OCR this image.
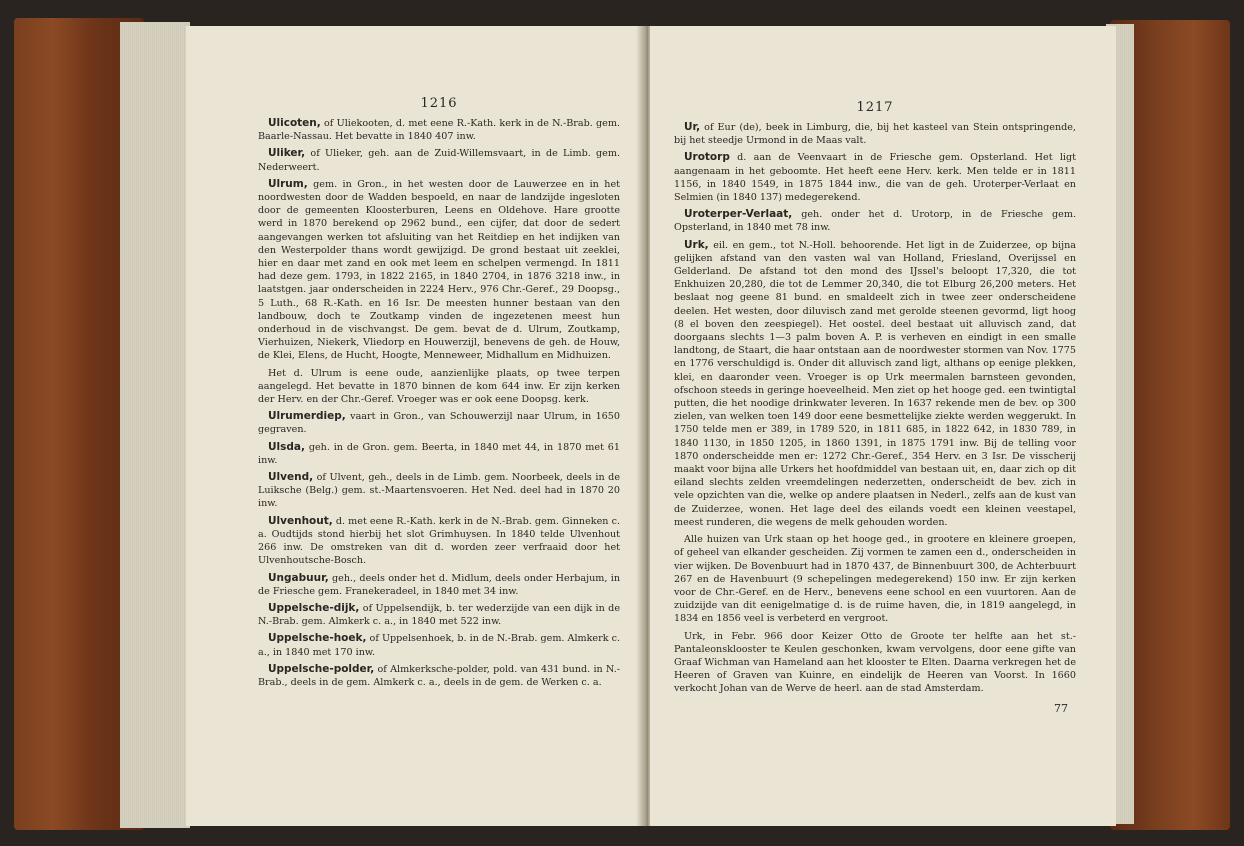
1216

Ulicoten, of Uliekooten, d. met eene R.-Kath. kerk in de N.-Brab. gem. Baarle-Nassau. Het bevatte in 1840 407 inw.

Uliker, of Ulieker, geh. aan de Zuid-Willemsvaart, in de Limb. gem. Nederweert.

Ulrum, gem. in Gron., in het westen door de Lauwerzee en in het noordwesten door de Wadden bespoeld, en naar de landzijde ingesloten door de gemeenten Kloosterburen, Leens en Oldehove. Hare grootte werd in 1870 berekend op 2962 bund., een cijfer, dat door de sedert aangevangen werken tot afsluiting van het Reitdiep en het indijken van den Westerpolder thans wordt gewijzigd. De grond bestaat uit zeeklei, hier en daar met zand en ook met leem en schelpen vermengd. In 1811 had deze gem. 1793, in 1822 2165, in 1840 2704, in 1876 3218 inw., in laatstgen. jaar onderscheiden in 2224 Herv., 976 Chr.-Geref., 29 Doopsg., 5 Luth., 68 R.-Kath. en 16 Isr. De meesten hunner bestaan van den landbouw, doch te Zoutkamp vinden de ingezetenen meest hun onderhoud in de vischvangst. De gem. bevat de d. Ulrum, Zoutkamp, Vierhuizen, Niekerk, Vliedorp en Houwerzijl, benevens de geh. de Houw, de Klei, Elens, de Hucht, Hoogte, Menneweer, Midhallum en Midhuizen.

Het d. Ulrum is eene oude, aanzienlijke plaats, op twee terpen aangelegd. Het bevatte in 1870 binnen de kom 644 inw. Er zijn kerken der Herv. en der Chr.-Geref. Vroeger was er ook eene Doopsg. kerk.

Ulrumerdiep, vaart in Gron., van Schouwerzijl naar Ulrum, in 1650 gegraven.

Ulsda, geh. in de Gron. gem. Beerta, in 1840 met 44, in 1870 met 61 inw.

Ulvend, of Ulvent, geh., deels in de Limb. gem. Noorbeek, deels in de Luiksche (Belg.) gem. st.-Maartensvoeren. Het Ned. deel had in 1870 20 inw.

Ulvenhout, d. met eene R.-Kath. kerk in de N.-Brab. gem. Ginneken c. a. Oudtijds stond hierbij het slot Grimhuysen. In 1840 telde Ulvenhout 266 inw. De omstreken van dit d. worden zeer verfraaid door het Ulvenhoutsche-Bosch.

Ungabuur, geh., deels onder het d. Midlum, deels onder Herbajum, in de Friesche gem. Franekeradeel, in 1840 met 34 inw.

Uppelsche-dijk, of Uppelsendijk, b. ter wederzijde van een dijk in de N.-Brab. gem. Almkerk c. a., in 1840 met 522 inw.

Uppelsche-hoek, of Uppelsenhoek, b. in de N.-Brab. gem. Almkerk c. a., in 1840 met 170 inw.

Uppelsche-polder, of Almkerksche-polder, pold. van 431 bund. in N.-Brab., deels in de gem. Almkerk c. a., deels in de gem. de Werken c. a.

1217

Ur, of Eur (de), beek in Limburg, die, bij het kasteel van Stein ontspringende, bij het steedje Urmond in de Maas valt.

Urotorp d. aan de Veenvaart in de Friesche gem. Opsterland. Het ligt aangenaam in het geboomte. Het heeft eene Herv. kerk. Men telde er in 1811 1156, in 1840 1549, in 1875 1844 inw., die van de geh. Uroterper-Verlaat en Selmien (in 1840 137) medegerekend.

Uroterper-Verlaat, geh. onder het d. Urotorp, in de Friesche gem. Opsterland, in 1840 met 78 inw.

Urk, eil. en gem., tot N.-Holl. behoorende. Het ligt in de Zuiderzee, op bijna gelijken afstand van den vasten wal van Holland, Friesland, Overijssel en Gelderland. De afstand tot den mond des IJssel's beloopt 17,320, die tot Enkhuizen 20,280, die tot de Lemmer 20,340, die tot Elburg 26,200 meters. Het beslaat nog geene 81 bund. en smaldeelt zich in twee zeer onderscheidene deelen. Het westen, door diluvisch zand met gerolde steenen gevormd, ligt hoog (8 el boven den zeespiegel). Het oostel. deel bestaat uit alluvisch zand, dat doorgaans slechts 1—3 palm boven A. P. is verheven en eindigt in een smalle landtong, de Staart, die haar ontstaan aan de noordwester stormen van Nov. 1775 en 1776 verschuldigd is. Onder dit alluvisch zand ligt, althans op eenige plekken, klei, en daaronder veen. Vroeger is op Urk meermalen barnsteen gevonden, ofschoon steeds in geringe hoeveelheid. Men ziet op het hooge ged. een twintigtal putten, die het noodige drinkwater leveren. In 1637 rekende men de bev. op 300 zielen, van welken toen 149 door eene besmettelijke ziekte werden weggerukt. In 1750 telde men er 389, in 1789 520, in 1811 685, in 1822 642, in 1830 789, in 1840 1130, in 1850 1205, in 1860 1391, in 1875 1791 inw. Bij de telling voor 1870 onderscheidde men er: 1272 Chr.-Geref., 354 Herv. en 3 Isr. De visscherij maakt voor bijna alle Urkers het hoofdmiddel van bestaan uit, en, daar zich op dit eiland slechts zelden vreemdelingen nederzetten, onderscheidt de bev. zich in vele opzichten van die, welke op andere plaatsen in Nederl., zelfs aan de kust van de Zuiderzee, wonen. Het lage deel des eilands voedt een kleinen veestapel, meest runderen, die wegens de melk gehouden worden.

Alle huizen van Urk staan op het hooge ged., in grootere en kleinere groepen, of geheel van elkander gescheiden. Zij vormen te zamen een d., onderscheiden in vier wijken. De Bovenbuurt had in 1870 437, de Binnenbuurt 300, de Achterbuurt 267 en de Havenbuurt (9 schepelingen medegerekend) 150 inw. Er zijn kerken voor de Chr.-Geref. en de Herv., benevens eene school en een vuurtoren. Aan de zuidzijde van dit eenigelmatige d. is de ruime haven, die, in 1819 aangelegd, in 1834 en 1856 veel is verbeterd en vergroot.

Urk, in Febr. 966 door Keizer Otto de Groote ter helfte aan het st.-Pantaleonsklooster te Keulen geschonken, kwam vervolgens, door eene gifte van Graaf Wichman van Hameland aan het klooster te Elten. Daarna verkregen het de Heeren of Graven van Kuinre, en eindelijk de Heeren van Voorst. In 1660 verkocht Johan van de Werve de heerl. aan de stad Amsterdam.

77
